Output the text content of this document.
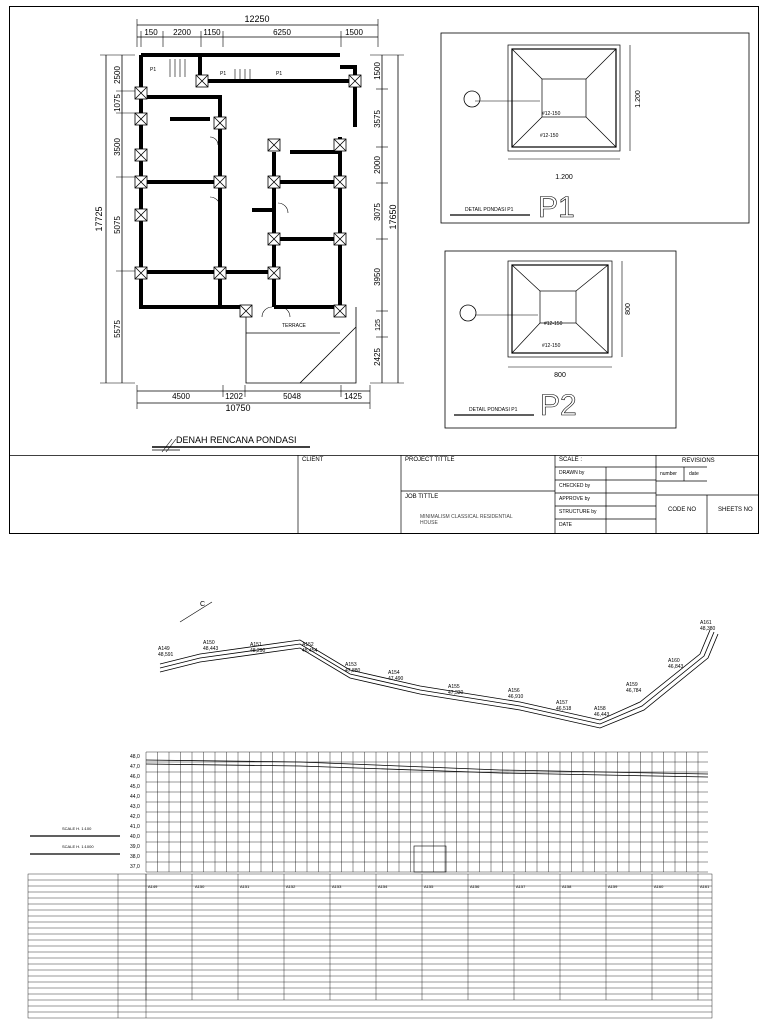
12250
150 2200 1150	6250	1500
17725
2500
1075
3500
5075
5575
1500
3575
2000
3075
3950
125
2425
17650
4500	1202	5048	1425
10750
P1
P1	P1
TERRACE
DENAH RENCANA PONDASI
1.200
1.200
#12-150
#12-150
DETAIL PONDASI P1 P1
800
800
#12-150
#12-150
DETAIL PONDASI P1 P2
CLIENT	PROJECT TITTLE
JOB TITTLE
MINIMALISM CLASSICAL RESIDENTIAL HOUSE
SCALE :
DRAWN by
CHECKED by
APPROVE by
STRUCTURE by
DATE
REVISIONS
number	date
CODE NO	SHEETS NO
C
A149
48,591
A150
48,443
A151
48,290
A152
48,454
A153
47,880	A154
47,490
A155
47,330	A156
46,910
A157
46,518	A158
46,443
A159
46,784
A160
46,843
A161
48,380
SCALE H. 1:100
SCALE H. 1:1000
48,0
47,0
46,0
45,0
44,0
43,0
42,0
41,0
40,0
39,0
38,0
37,0
A149	A150	A151	A152	A153	A154	A155	A156	A157	A158	A159	A160	A161
